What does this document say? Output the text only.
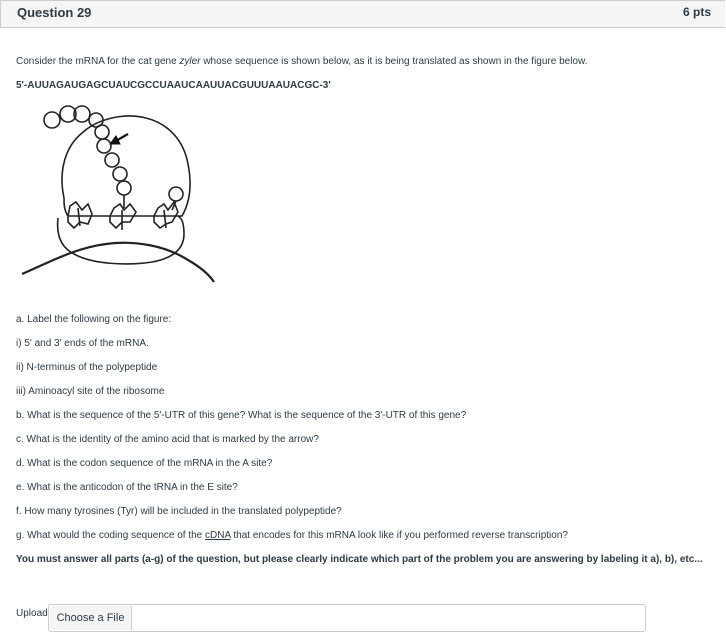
Question 29	6 pts
Consider the mRNA for the cat gene zyler whose sequence is shown below, as it is being translated as shown in the figure below.
5'-AUUAGAUGAGCUAUCGCCUAAUCAAUUACGUUUAAUACGC-3'
a. Label the following on the figure:
i) 5' and 3' ends of the mRNA.
ii) N-terminus of the polypeptide
iii) Aminoacyl site of the ribosome
b. What is the sequence of the 5'-UTR of this gene? What is the sequence of the 3'-UTR of this gene?
c. What is the identity of the amino acid that is marked by the arrow?
d. What is the codon sequence of the mRNA in the A site?
e. What is the anticodon of the tRNA in the E site?
f. How many tyrosines (Tyr) will be included in the translated polypeptide?
g. What would the coding sequence of the cDNA that encodes for this mRNA look like if you performed reverse transcription?
You must answer all parts (a-g) of the question, but please clearly indicate which part of the problem you are answering by labeling it a), b), etc...
Upload Choose a File
